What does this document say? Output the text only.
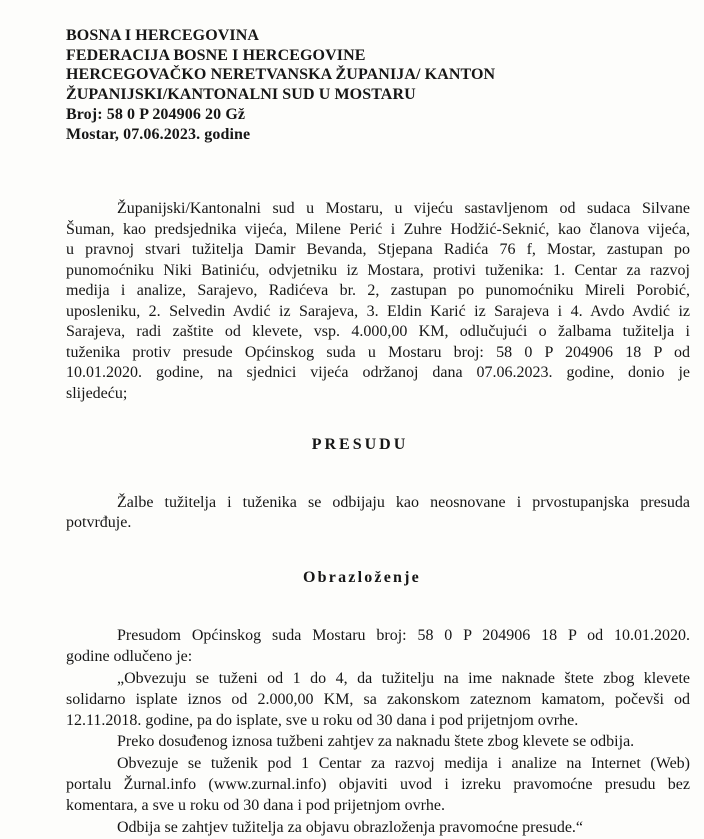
BOSNA I HERCEGOVINA
FEDERACIJA BOSNE I HERCEGOVINE
HERCEGOVAČKO NERETVANSKA ŽUPANIJA/ KANTON
ŽUPANIJSKI/KANTONALNI SUD U MOSTARU
Broj: 58 0 P 204906 20 Gž
Mostar, 07.06.2023. godine
Županijski/Kantonalni sud u Mostaru, u vijeću sastavljenom od sudaca Silvane
Šuman, kao predsjednika vijeća, Milene Perić i Zuhre Hodžić-Seknić, kao članova vijeća,
u pravnoj stvari tužitelja Damir Bevanda, Stjepana Radića 76 f, Mostar, zastupan po
punomoćniku Niki Batiniću, odvjetniku iz Mostara, protivi tuženika: 1. Centar za razvoj
medija i analize, Sarajevo, Radićeva br. 2, zastupan po punomoćniku Mireli Porobić,
uposleniku, 2. Selvedin Avdić iz Sarajeva, 3. Eldin Karić iz Sarajeva i 4. Avdo Avdić iz
Sarajeva, radi zaštite od klevete, vsp. 4.000,00 KM, odlučujući o žalbama tužitelja i
tuženika protiv presude Općinskog suda u Mostaru broj: 58 0 P 204906 18 P od
10.01.2020. godine, na sjednici vijeća održanoj dana 07.06.2023. godine, donio je
slijedeću;
PRESUDU
Žalbe tužitelja i tuženika se odbijaju kao neosnovane i prvostupanjska presuda
potvrđuje.
Obrazloženje
Presudom Općinskog suda Mostaru broj: 58 0 P 204906 18 P od 10.01.2020.
godine odlučeno je:
„Obvezuju se tuženi od 1 do 4, da tužitelju na ime naknade štete zbog klevete
solidarno isplate iznos od 2.000,00 KM, sa zakonskom zateznom kamatom, počevši od
12.11.2018. godine, pa do isplate, sve u roku od 30 dana i pod prijetnjom ovrhe.
Preko dosuđenog iznosa tužbeni zahtjev za naknadu štete zbog klevete se odbija.
Obvezuje se tuženik pod 1 Centar za razvoj medija i analize na Internet (Web)
portalu Žurnal.info (www.zurnal.info) objaviti uvod i izreku pravomoćne presudu bez
komentara, a sve u roku od 30 dana i pod prijetnjom ovrhe.
Odbija se zahtjev tužitelja za objavu obrazloženja pravomoćne presude.“
